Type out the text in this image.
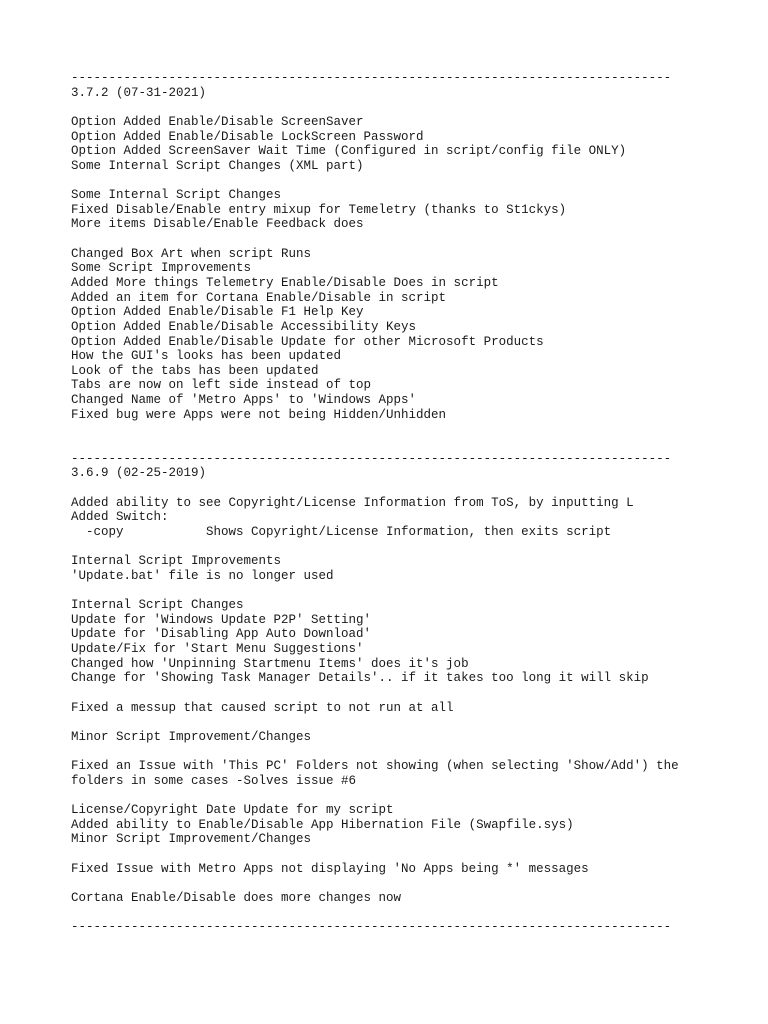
--------------------------------------------------------------------------------
3.7.2 (07-31-2021)
Option Added Enable/Disable ScreenSaver
Option Added Enable/Disable LockScreen Password
Option Added ScreenSaver Wait Time (Configured in script/config file ONLY)
Some Internal Script Changes (XML part)
Some Internal Script Changes
Fixed Disable/Enable entry mixup for Temeletry (thanks to St1ckys)
More items Disable/Enable Feedback does
Changed Box Art when script Runs
Some Script Improvements
Added More things Telemetry Enable/Disable Does in script
Added an item for Cortana Enable/Disable in script
Option Added Enable/Disable F1 Help Key
Option Added Enable/Disable Accessibility Keys
Option Added Enable/Disable Update for other Microsoft Products
How the GUI's looks has been updated
Look of the tabs has been updated
Tabs are now on left side instead of top
Changed Name of 'Metro Apps' to 'Windows Apps'
Fixed bug were Apps were not being Hidden/Unhidden
--------------------------------------------------------------------------------
3.6.9 (02-25-2019)
Added ability to see Copyright/License Information from ToS, by inputting L
Added Switch:
-copy           Shows Copyright/License Information, then exits script
Internal Script Improvements
'Update.bat' file is no longer used
Internal Script Changes
Update for 'Windows Update P2P' Setting'
Update for 'Disabling App Auto Download'
Update/Fix for 'Start Menu Suggestions'
Changed how 'Unpinning Startmenu Items' does it's job
Change for 'Showing Task Manager Details'.. if it takes too long it will skip
Fixed a messup that caused script to not run at all
Minor Script Improvement/Changes
Fixed an Issue with 'This PC' Folders not showing (when selecting 'Show/Add') the
folders in some cases -Solves issue #6
License/Copyright Date Update for my script
Added ability to Enable/Disable App Hibernation File (Swapfile.sys)
Minor Script Improvement/Changes
Fixed Issue with Metro Apps not displaying 'No Apps being *' messages
Cortana Enable/Disable does more changes now
--------------------------------------------------------------------------------
